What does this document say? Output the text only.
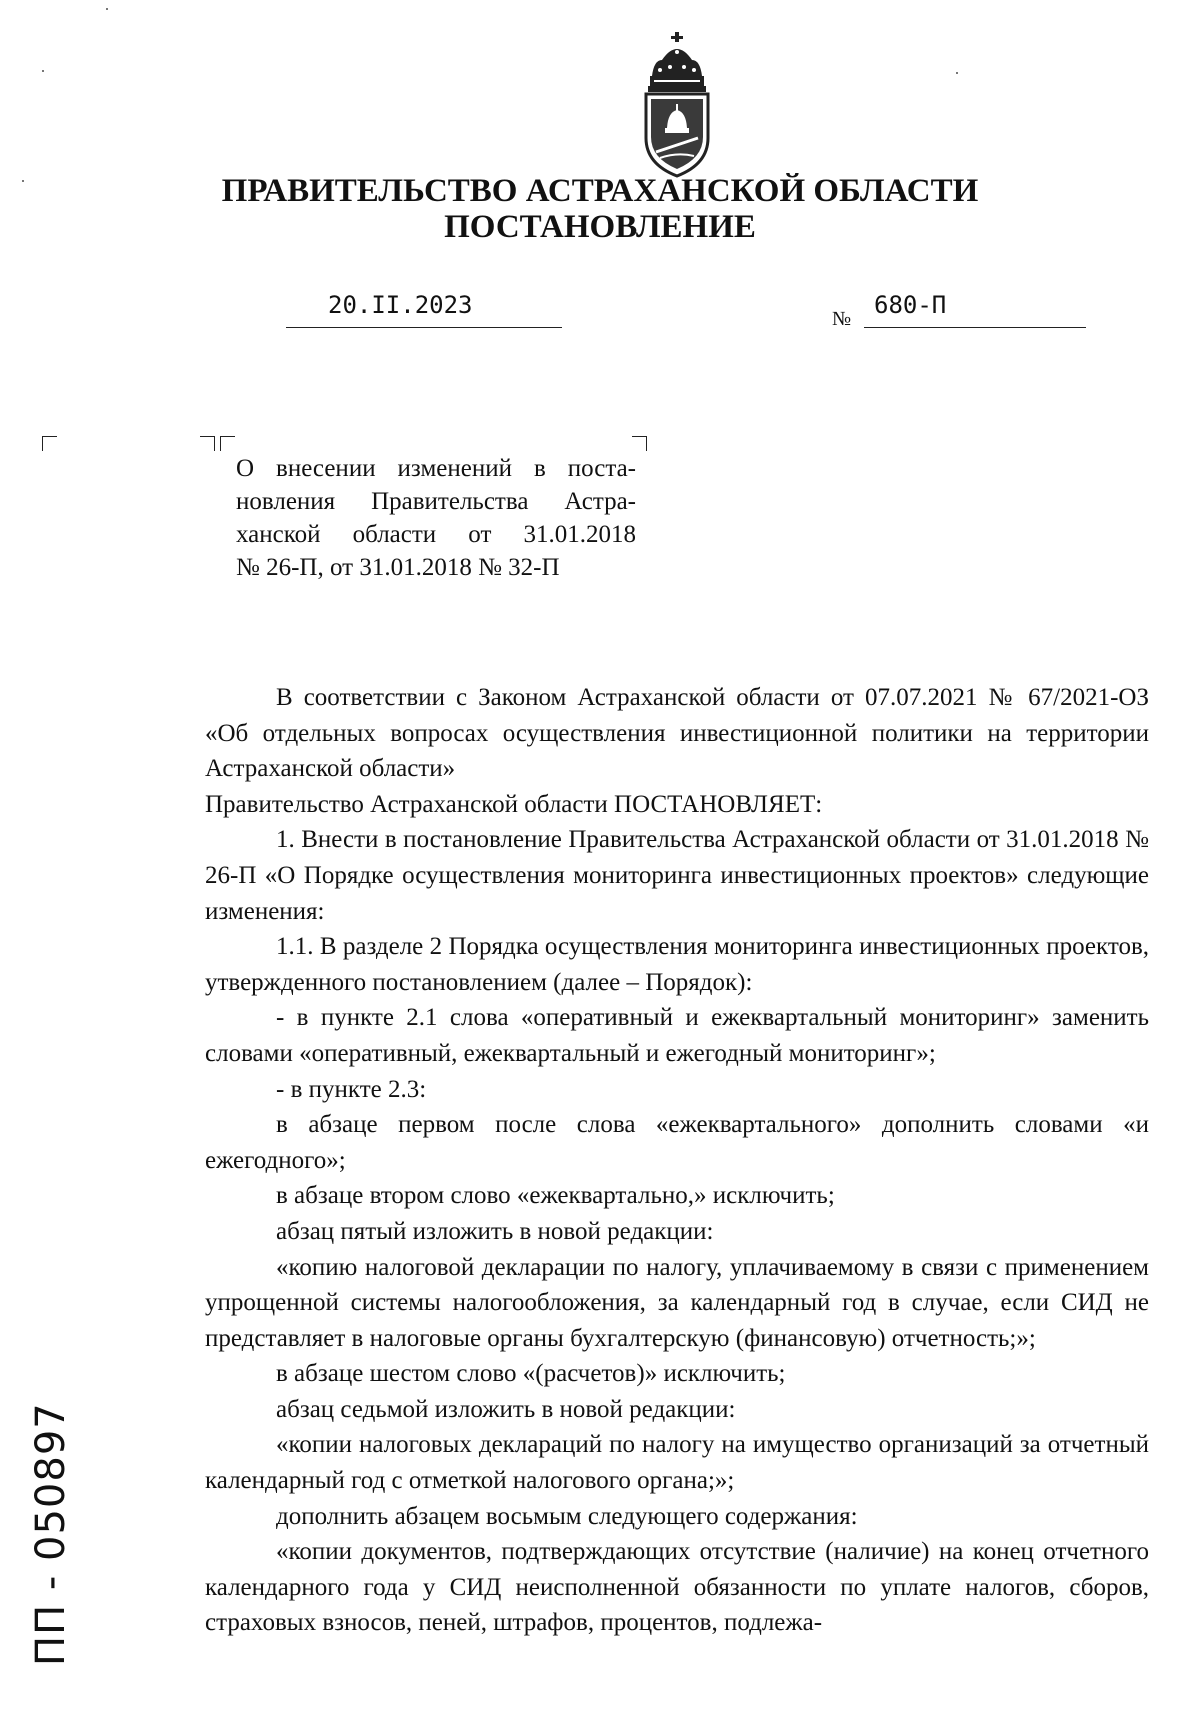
ПРАВИТЕЛЬСТВО АСТРАХАНСКОЙ ОБЛАСТИ
ПОСТАНОВЛЕНИЕ
20.II.2023	№ 680-П
О внесении изменений в поста-
новления Правительства Астра-
ханской области от 31.01.2018
№ 26-П, от 31.01.2018 № 32-П

В соответствии с Законом Астраханской области от 07.07.2021 № 67/2021-ОЗ «Об отдельных вопросах осуществления инвестиционной политики на территории Астраханской области»

Правительство Астраханской области ПОСТАНОВЛЯЕТ:

1. Внести в постановление Правительства Астраханской области от 31.01.2018 № 26-П «О Порядке осуществления мониторинга инвестиционных проектов» следующие изменения:

1.1. В разделе 2 Порядка осуществления мониторинга инвестиционных проектов, утвержденного постановлением (далее – Порядок):

- в пункте 2.1 слова «оперативный и ежеквартальный мониторинг» заменить словами «оперативный, ежеквартальный и ежегодный мониторинг»;

- в пункте 2.3:

в абзаце первом после слова «ежеквартального» дополнить словами «и ежегодного»;

в абзаце втором слово «ежеквартально,» исключить;

абзац пятый изложить в новой редакции:

«копию налоговой декларации по налогу, уплачиваемому в связи с применением упрощенной системы налогообложения, за календарный год в случае, если СИД не представляет в налоговые органы бухгалтерскую (финансовую) отчетность;»;

в абзаце шестом слово «(расчетов)» исключить;

абзац седьмой изложить в новой редакции:

«копии налоговых деклараций по налогу на имущество организаций за отчетный календарный год с отметкой налогового органа;»;

дополнить абзацем восьмым следующего содержания:

«копии документов, подтверждающих отсутствие (наличие) на конец отчетного календарного года у СИД неисполненной обязанности по уплате налогов, сборов, страховых взносов, пеней, штрафов, процентов, подлежа-

ПП - 050897
